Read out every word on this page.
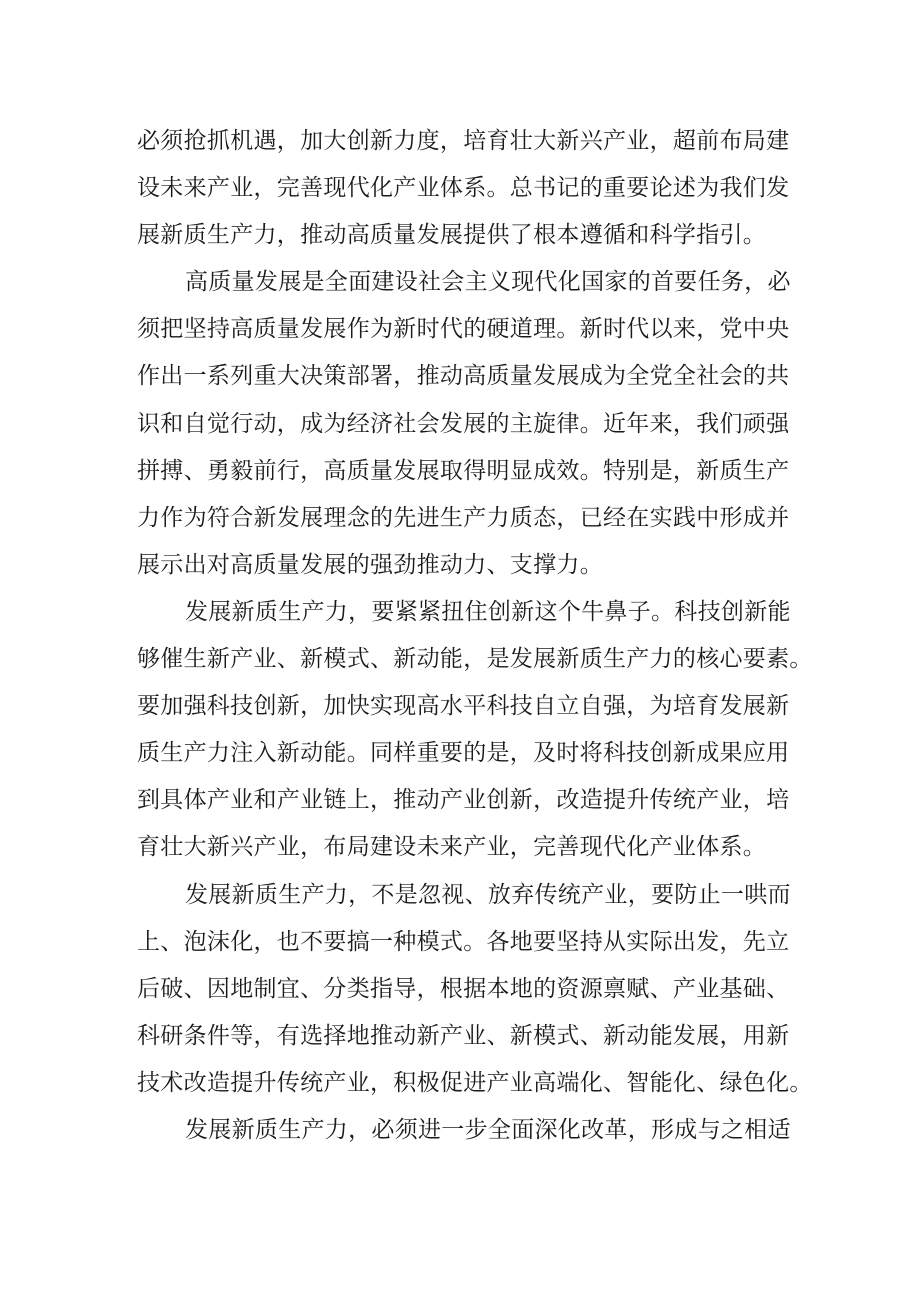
必须抢抓机遇，加大创新力度，培育壮大新兴产业，超前布局建
设未来产业，完善现代化产业体系。总书记的重要论述为我们发
展新质生产力，推动高质量发展提供了根本遵循和科学指引。
高质量发展是全面建设社会主义现代化国家的首要任务，必
须把坚持高质量发展作为新时代的硬道理。新时代以来，党中央
作出一系列重大决策部署，推动高质量发展成为全党全社会的共
识和自觉行动，成为经济社会发展的主旋律。近年来，我们顽强
拼搏、勇毅前行，高质量发展取得明显成效。特别是，新质生产
力作为符合新发展理念的先进生产力质态，已经在实践中形成并
展示出对高质量发展的强劲推动力、支撑力。
发展新质生产力，要紧紧扭住创新这个牛鼻子。科技创新能
够催生新产业、新模式、新动能，是发展新质生产力的核心要素。
要加强科技创新，加快实现高水平科技自立自强，为培育发展新
质生产力注入新动能。同样重要的是，及时将科技创新成果应用
到具体产业和产业链上，推动产业创新，改造提升传统产业，培
育壮大新兴产业，布局建设未来产业，完善现代化产业体系。
发展新质生产力，不是忽视、放弃传统产业，要防止一哄而
上、泡沫化，也不要搞一种模式。各地要坚持从实际出发，先立
后破、因地制宜、分类指导，根据本地的资源禀赋、产业基础、
科研条件等，有选择地推动新产业、新模式、新动能发展，用新
技术改造提升传统产业，积极促进产业高端化、智能化、绿色化。
发展新质生产力，必须进一步全面深化改革，形成与之相适
